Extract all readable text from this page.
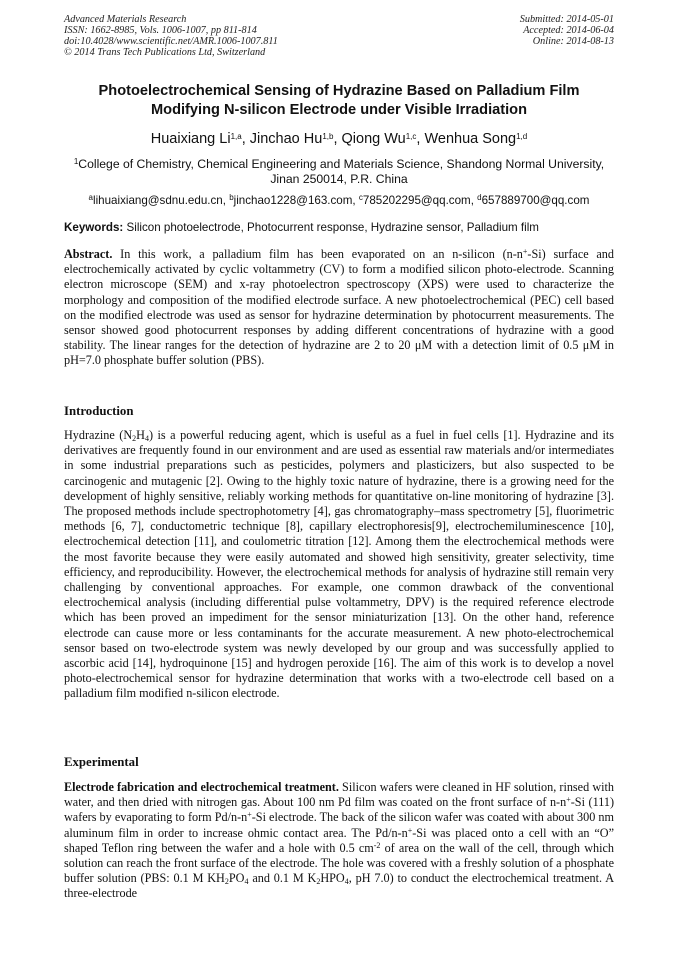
Advanced Materials Research
ISSN: 1662-8985, Vols. 1006-1007, pp 811-814
doi:10.4028/www.scientific.net/AMR.1006-1007.811
© 2014 Trans Tech Publications Ltd, Switzerland
Submitted: 2014-05-01
Accepted: 2014-06-04
Online: 2014-08-13
Photoelectrochemical Sensing of Hydrazine Based on Palladium Film
Modifying N-silicon Electrode under Visible Irradiation
Huaixiang Li$^{1,a}$, Jinchao Hu$^{1,b}$, Qiong Wu$^{1,c}$, Wenhua Song$^{1,d}$
$^1$College of Chemistry, Chemical Engineering and Materials Science, Shandong Normal University,
Jinan 250014, P.R. China
$^a$lihuaixiang@sdnu.edu.cn, $^b$jinchao1228@163.com, $^c$785202295@qq.com, $^d$657889700@qq.com
Keywords: Silicon photoelectrode, Photocurrent response, Hydrazine sensor, Palladium film
Abstract. In this work, a palladium film has been evaporated on an n-silicon (n-n+-Si) surface and electrochemically activated by cyclic voltammetry (CV) to form a modified silicon photo-electrode. Scanning electron microscope (SEM) and x-ray photoelectron spectroscopy (XPS) were used to characterize the morphology and composition of the modified electrode surface. A new photoelectrochemical (PEC) cell based on the modified electrode was used as sensor for hydrazine determination by photocurrent measurements. The sensor showed good photocurrent responses by adding different concentrations of hydrazine with a good stability. The linear ranges for the detection of hydrazine are 2 to 20 μM with a detection limit of 0.5 μM in pH=7.0 phosphate buffer solution (PBS).
Introduction
Hydrazine $(N_2H_4)$ is a powerful reducing agent, which is useful as a fuel in fuel cells [1]. Hydrazine and its derivatives are frequently found in our environment and are used as essential raw materials and/or intermediates in some industrial preparations such as pesticides, polymers and plasticizers, but also suspected to be carcinogenic and mutagenic [2]. Owing to the highly toxic nature of hydrazine, there is a growing need for the development of highly sensitive, reliably working methods for quantitative on-line monitoring of hydrazine [3]. The proposed methods include spectrophotometry [4], gas chromatography–mass spectrometry [5], fluorimetric methods [6, 7], conductometric technique [8], capillary electrophoresis[9], electrochemiluminescence [10], electrochemical detection [11], and coulometric titration [12]. Among them the electrochemical methods were the most favorite because they were easily automated and showed high sensitivity, greater selectivity, time efficiency, and reproducibility. However, the electrochemical methods for analysis of hydrazine still remain very challenging by conventional approaches. For example, one common drawback of the conventional electrochemical analysis (including differential pulse voltammetry, DPV) is the required reference electrode which has been proved an impediment for the sensor miniaturization [13]. On the other hand, reference electrode can cause more or less contaminants for the accurate measurement. A new photo-electrochemical sensor based on two-electrode system was newly developed by our group and was successfully applied to ascorbic acid [14], hydroquinone [15] and hydrogen peroxide [16]. The aim of this work is to develop a novel photo-electrochemical sensor for hydrazine determination that works with a two-electrode cell based on a palladium film modified n-silicon electrode.
Experimental
Electrode fabrication and electrochemical treatment. Silicon wafers were cleaned in HF solution, rinsed with water, and then dried with nitrogen gas. About 100 nm Pd film was coated on the front surface of n-n+-Si (111) wafers by evaporating to form Pd/n-n+-Si electrode. The back of the silicon wafer was coated with about 300 nm aluminum film in order to increase ohmic contact area. The Pd/n-n+-Si was placed onto a cell with an “O” shaped Teflon ring between the wafer and a hole with 0.5 $cm^{-2}$ of area on the wall of the cell, through which solution can reach the front surface of the electrode. The hole was covered with a freshly solution of a phosphate buffer solution (PBS: 0.1 M $KH_2PO_4$ and 0.1 M $K_2HPO_4$, pH 7.0) to conduct the electrochemical treatment. A three-electrode
